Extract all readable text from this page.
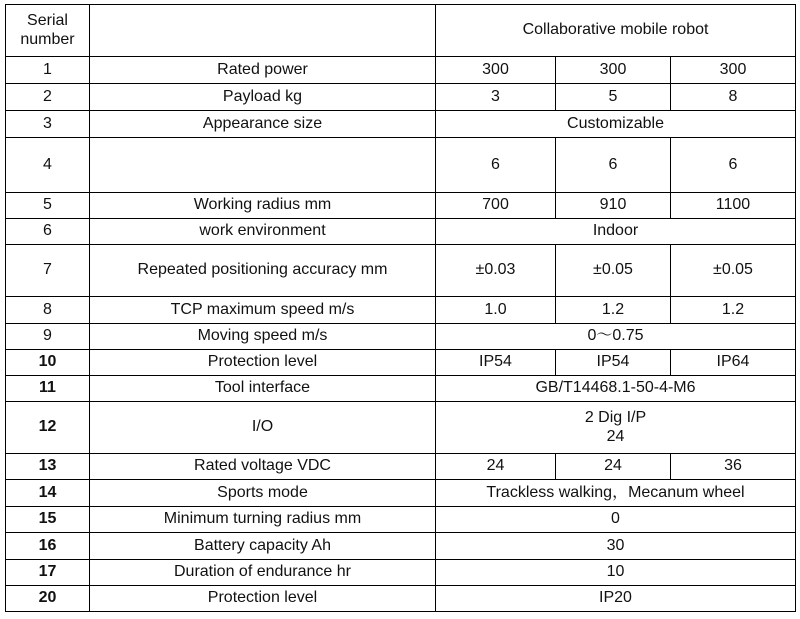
Serial
number		Collaborative mobile robot		
1	Rated power	300	300	300
2	Payload kg	3	5	8
3	Appearance size	Customizable		
4		6	6	6
5	Working radius mm	700	910	1100
6	work environment	Indoor		
7	Repeated positioning accuracy mm	±0.03	±0.05	±0.05
8	TCP maximum speed m/s	1.0	1.2	1.2
9	Moving speed m/s	0～0.75		
10	Protection level	IP54	IP54	IP64
11	Tool interface	GB/T14468.1-50-4-M6		
12	I/O	2 Dig I/P
24		

13	Rated voltage VDC	24	24	36
14	Sports mode	Trackless walking，Mecanum wheel		
15	Minimum turning radius mm	0		
16	Battery capacity Ah	30		
17	Duration of endurance hr	10		
20	Protection level	IP20		
